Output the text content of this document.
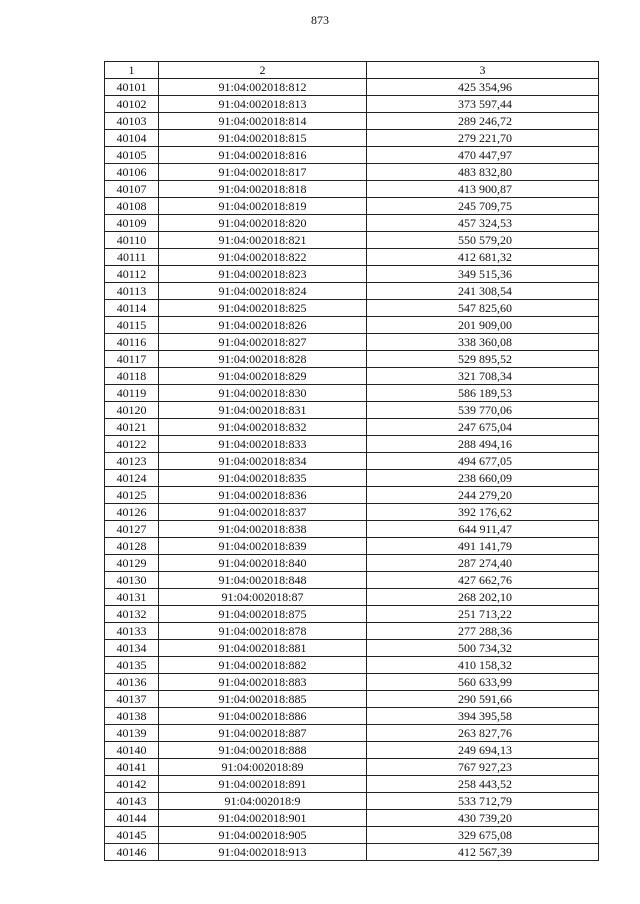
873
1	2	3
40101	91:04:002018:812	425 354,96
40102	91:04:002018:813	373 597,44
40103	91:04:002018:814	289 246,72
40104	91:04:002018:815	279 221,70
40105	91:04:002018:816	470 447,97
40106	91:04:002018:817	483 832,80
40107	91:04:002018:818	413 900,87
40108	91:04:002018:819	245 709,75
40109	91:04:002018:820	457 324,53
40110	91:04:002018:821	550 579,20
40111	91:04:002018:822	412 681,32
40112	91:04:002018:823	349 515,36
40113	91:04:002018:824	241 308,54
40114	91:04:002018:825	547 825,60
40115	91:04:002018:826	201 909,00
40116	91:04:002018:827	338 360,08
40117	91:04:002018:828	529 895,52
40118	91:04:002018:829	321 708,34
40119	91:04:002018:830	586 189,53
40120	91:04:002018:831	539 770,06
40121	91:04:002018:832	247 675,04
40122	91:04:002018:833	288 494,16
40123	91:04:002018:834	494 677,05
40124	91:04:002018:835	238 660,09
40125	91:04:002018:836	244 279,20
40126	91:04:002018:837	392 176,62
40127	91:04:002018:838	644 911,47
40128	91:04:002018:839	491 141,79
40129	91:04:002018:840	287 274,40
40130	91:04:002018:848	427 662,76
40131	91:04:002018:87	268 202,10
40132	91:04:002018:875	251 713,22
40133	91:04:002018:878	277 288,36
40134	91:04:002018:881	500 734,32
40135	91:04:002018:882	410 158,32
40136	91:04:002018:883	560 633,99
40137	91:04:002018:885	290 591,66
40138	91:04:002018:886	394 395,58
40139	91:04:002018:887	263 827,76
40140	91:04:002018:888	249 694,13
40141	91:04:002018:89	767 927,23
40142	91:04:002018:891	258 443,52
40143	91:04:002018:9	533 712,79
40144	91:04:002018:901	430 739,20
40145	91:04:002018:905	329 675,08
40146	91:04:002018:913	412 567,39
